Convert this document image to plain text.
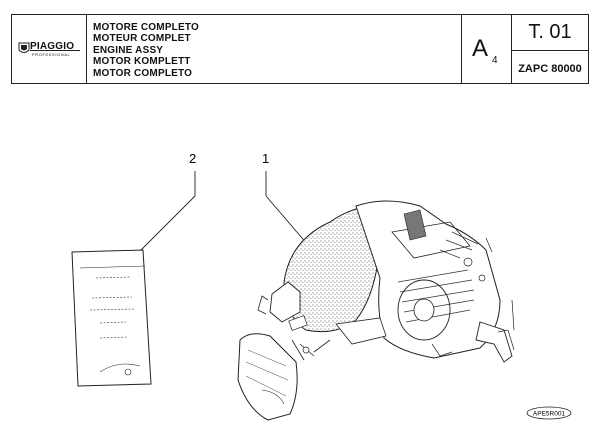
PIAGGIO
PROFESSIONAL
MOTORE COMPLETO
MOTEUR COMPLET
ENGINE ASSY
MOTOR KOMPLETT
MOTOR COMPLETO
A 4
T. 01
ZAPC 80000
2	1
APE5R001
